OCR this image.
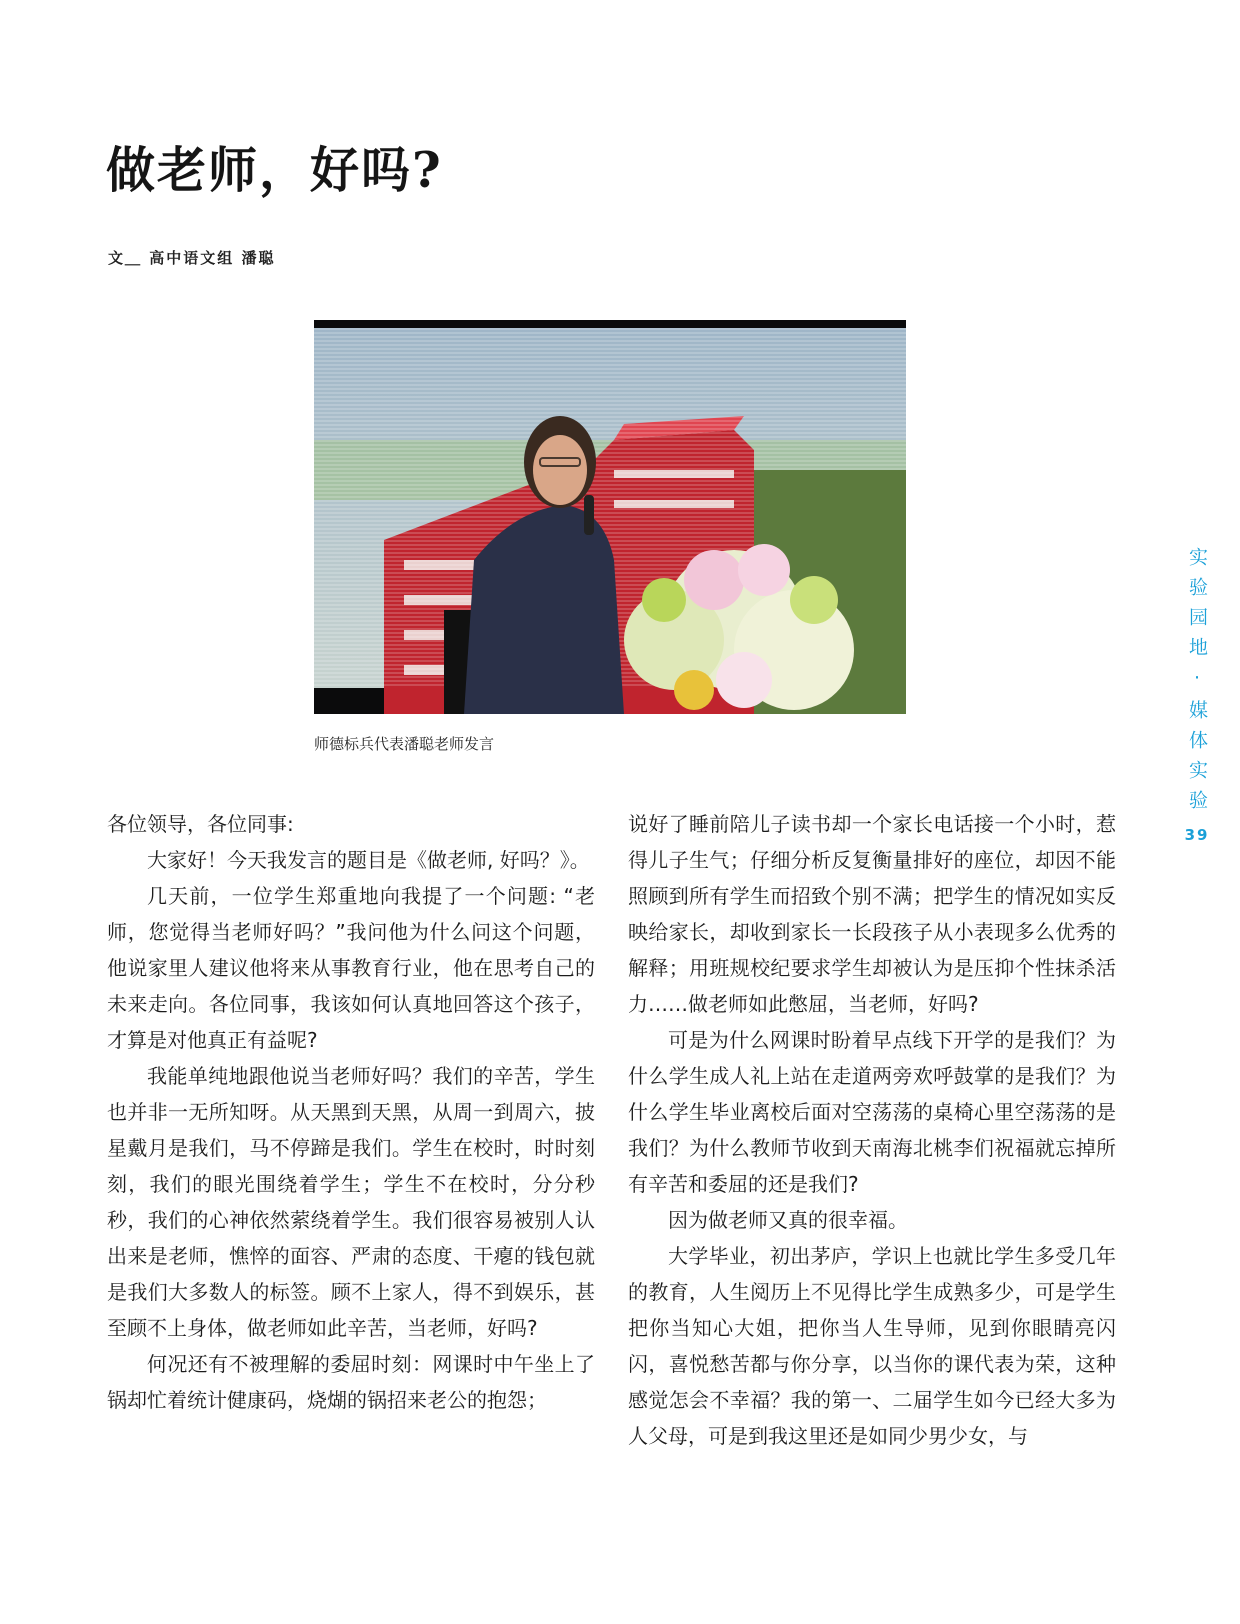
做老师，好吗?
文＿ 高中语文组 潘聪
师德标兵代表潘聪老师发言

各位领导，各位同事:

大家好！今天我发言的题目是《做老师, 好吗？》。

几天前，一位学生郑重地向我提了一个问题: “老师，您觉得当老师好吗？”我问他为什么问这个问题，他说家里人建议他将来从事教育行业，他在思考自己的未来走向。各位同事，我该如何认真地回答这个孩子，才算是对他真正有益呢?

我能单纯地跟他说当老师好吗？我们的辛苦，学生也并非一无所知呀。从天黑到天黑，从周一到周六，披星戴月是我们，马不停蹄是我们。学生在校时，时时刻刻，我们的眼光围绕着学生；学生不在校时，分分秒秒，我们的心神依然萦绕着学生。我们很容易被别人认出来是老师，憔悴的面容、严肃的态度、干瘪的钱包就是我们大多数人的标签。顾不上家人，得不到娱乐，甚至顾不上身体，做老师如此辛苦，当老师，好吗?

何况还有不被理解的委屈时刻：网课时中午坐上了锅却忙着统计健康码，烧煳的锅招来老公的抱怨；

说好了睡前陪儿子读书却一个家长电话接一个小时，惹得儿子生气；仔细分析反复衡量排好的座位，却因不能照顾到所有学生而招致个别不满；把学生的情况如实反映给家长，却收到家长一长段孩子从小表现多么优秀的解释；用班规校纪要求学生却被认为是压抑个性抹杀活力……做老师如此憋屈，当老师，好吗?

可是为什么网课时盼着早点线下开学的是我们？为什么学生成人礼上站在走道两旁欢呼鼓掌的是我们？为什么学生毕业离校后面对空荡荡的桌椅心里空荡荡的是我们？为什么教师节收到天南海北桃李们祝福就忘掉所有辛苦和委屈的还是我们?

因为做老师又真的很幸福。

大学毕业，初出茅庐，学识上也就比学生多受几年的教育，人生阅历上不见得比学生成熟多少，可是学生把你当知心大姐，把你当人生导师，见到你眼睛亮闪闪，喜悦愁苦都与你分享，以当你的课代表为荣，这种感觉怎会不幸福？我的第一、二届学生如今已经大多为人父母，可是到我这里还是如同少男少女，与

实验园地·媒体实验
39
